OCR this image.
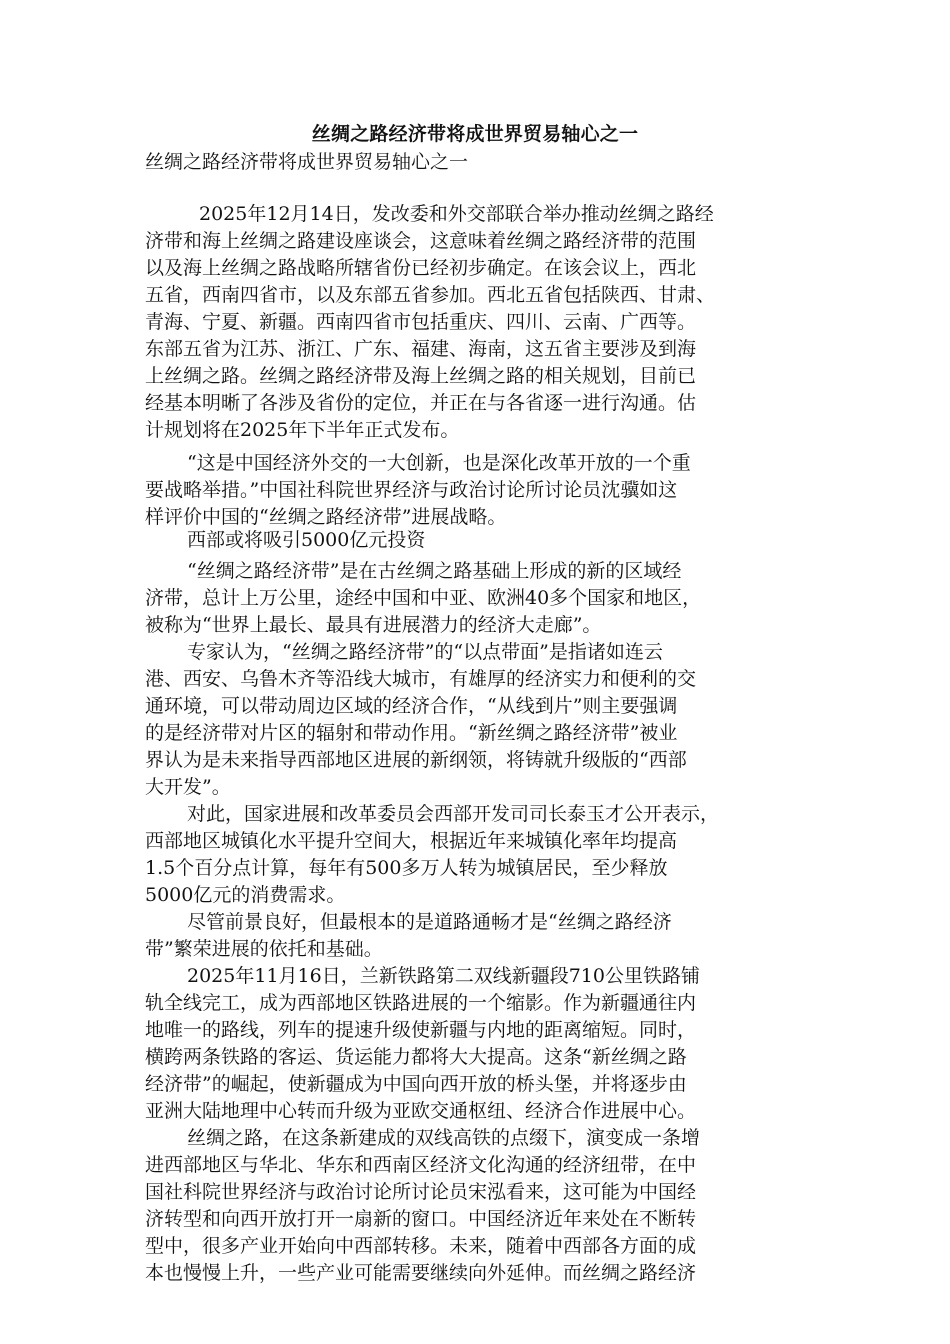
丝绸之路经济带将成世界贸易轴心之一
丝绸之路经济带将成世界贸易轴心之一
2025年12月14日，发改委和外交部联合举办推动丝绸之路经
济带和海上丝绸之路建设座谈会，这意味着丝绸之路经济带的范围
以及海上丝绸之路战略所辖省份已经初步确定。在该会议上，西北
五省，西南四省市，以及东部五省参加。西北五省包括陕西、甘肃、
青海、宁夏、新疆。西南四省市包括重庆、四川、云南、广西等。
东部五省为江苏、浙江、广东、福建、海南，这五省主要涉及到海
上丝绸之路。丝绸之路经济带及海上丝绸之路的相关规划，目前已
经基本明晰了各涉及省份的定位，并正在与各省逐一进行沟通。估
计规划将在2025年下半年正式发布。
“这是中国经济外交的一大创新，也是深化改革开放的一个重
要战略举措。”中国社科院世界经济与政治讨论所讨论员沈骥如这
样评价中国的“丝绸之路经济带”进展战略。
西部或将吸引5000亿元投资
“丝绸之路经济带”是在古丝绸之路基础上形成的新的区域经
济带，总计上万公里，途经中国和中亚、欧洲40多个国家和地区，
被称为“世界上最长、最具有进展潜力的经济大走廊”。
专家认为，“丝绸之路经济带”的“以点带面”是指诸如连云
港、西安、乌鲁木齐等沿线大城市，有雄厚的经济实力和便利的交
通环境，可以带动周边区域的经济合作，“从线到片”则主要强调
的是经济带对片区的辐射和带动作用。“新丝绸之路经济带”被业
界认为是未来指导西部地区进展的新纲领，将铸就升级版的“西部
大开发”。
对此，国家进展和改革委员会西部开发司司长泰玉才公开表示，
西部地区城镇化水平提升空间大，根据近年来城镇化率年均提高
1.5个百分点计算，每年有500多万人转为城镇居民，至少释放
5000亿元的消费需求。
尽管前景良好，但最根本的是道路通畅才是“丝绸之路经济
带”繁荣进展的依托和基础。
2025年11月16日，兰新铁路第二双线新疆段710公里铁路铺
轨全线完工，成为西部地区铁路进展的一个缩影。作为新疆通往内
地唯一的路线，列车的提速升级使新疆与内地的距离缩短。同时，
横跨两条铁路的客运、货运能力都将大大提高。这条“新丝绸之路
经济带”的崛起，使新疆成为中国向西开放的桥头堡，并将逐步由
亚洲大陆地理中心转而升级为亚欧交通枢纽、经济合作进展中心。
丝绸之路，在这条新建成的双线高铁的点缀下，演变成一条增
进西部地区与华北、华东和西南区经济文化沟通的经济纽带，在中
国社科院世界经济与政治讨论所讨论员宋泓看来，这可能为中国经
济转型和向西开放打开一扇新的窗口。中国经济近年来处在不断转
型中，很多产业开始向中西部转移。未来，随着中西部各方面的成
本也慢慢上升，一些产业可能需要继续向外延伸。而丝绸之路经济
